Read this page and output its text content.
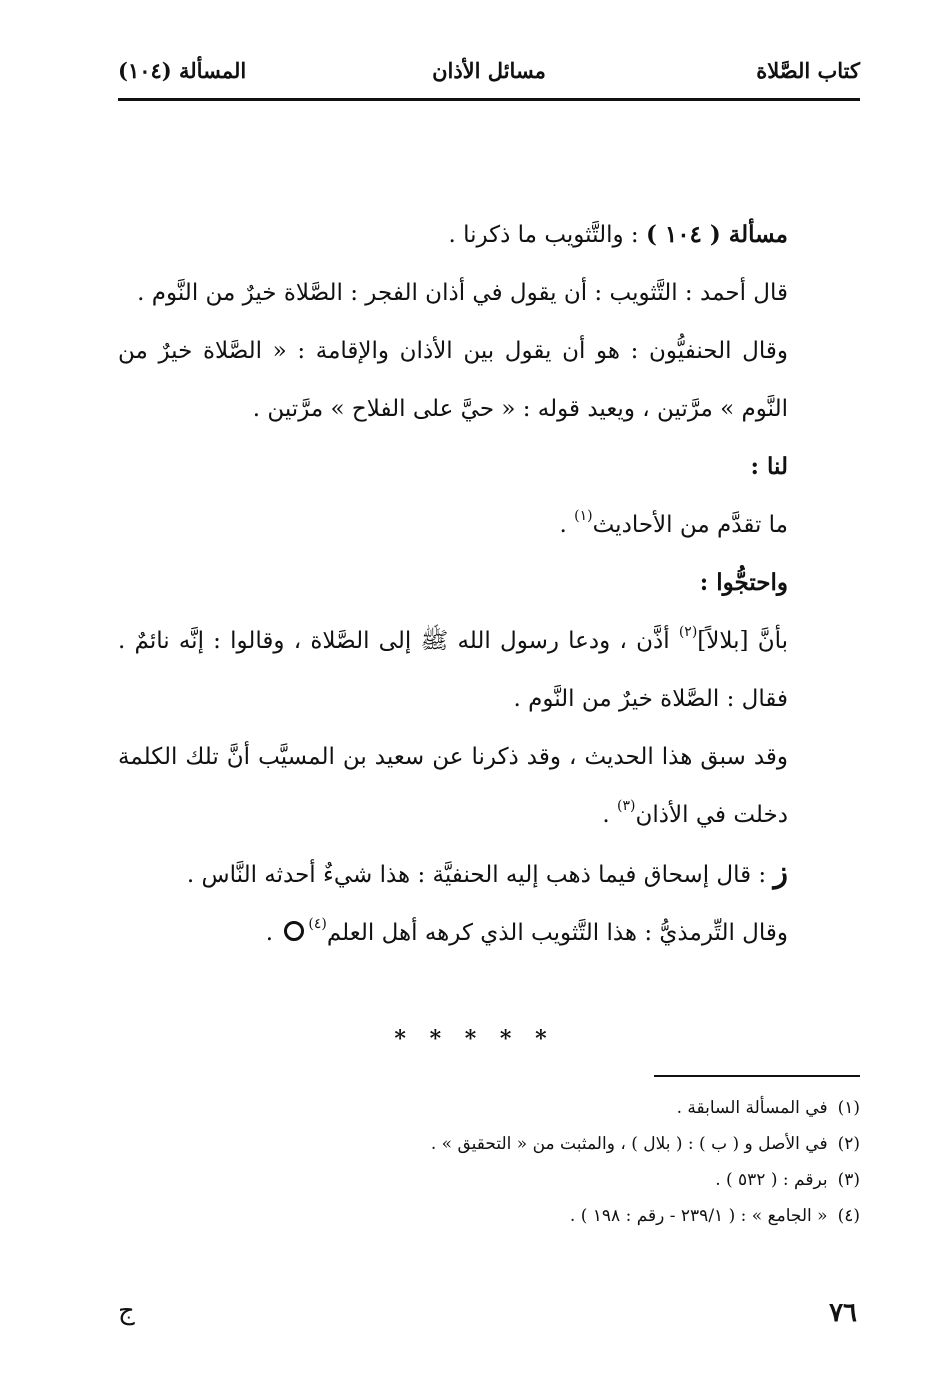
كتاب الصَّلاة
مسائل الأذان
المسألة (١٠٤)

مسألة ( ١٠٤ ) : والتَّثويب ما ذكرنا .

قال أحمد : التَّثويب : أن يقول في أذان الفجر : الصَّلاة خيرٌ من النَّوم .

وقال الحنفيُّون : هو أن يقول بين الأذان والإقامة : « الصَّلاة خيرٌ من النَّوم » مرَّتين ، ويعيد قوله : « حيَّ على الفلاح » مرَّتين .

لنا :

ما تقدَّم من الأحاديث$^{(١)}$ .

واحتجُّوا :

بأنَّ [بلالاً]$^{(٢)}$ أذَّن ، ودعا رسول الله ﷺ إلى الصَّلاة ، وقالوا : إنَّه نائمٌ . فقال : الصَّلاة خيرٌ من النَّوم .

وقد سبق هذا الحديث ، وقد ذكرنا عن سعيد بن المسيَّب أنَّ تلك الكلمة دخلت في الأذان$^{(٣)}$ .

ز : قال إسحاق فيما ذهب إليه الحنفيَّة : هذا شيءٌ أحدثه النَّاس .

وقال التِّرمذيُّ : هذا التَّثويب الذي كرهه أهل العلم$^{(٤)}$ .

* * * * *

(١)في المسألة السابقة .

(٢)في الأصل و ( ب ) : ( بلال ) ، والمثبت من « التحقيق » .

(٣)برقم : ( ٥٣٢ ) .

(٤)« الجامع » : ( ٢٣٩/١ - رقم : ١٩٨ ) .

٧٦
ج
